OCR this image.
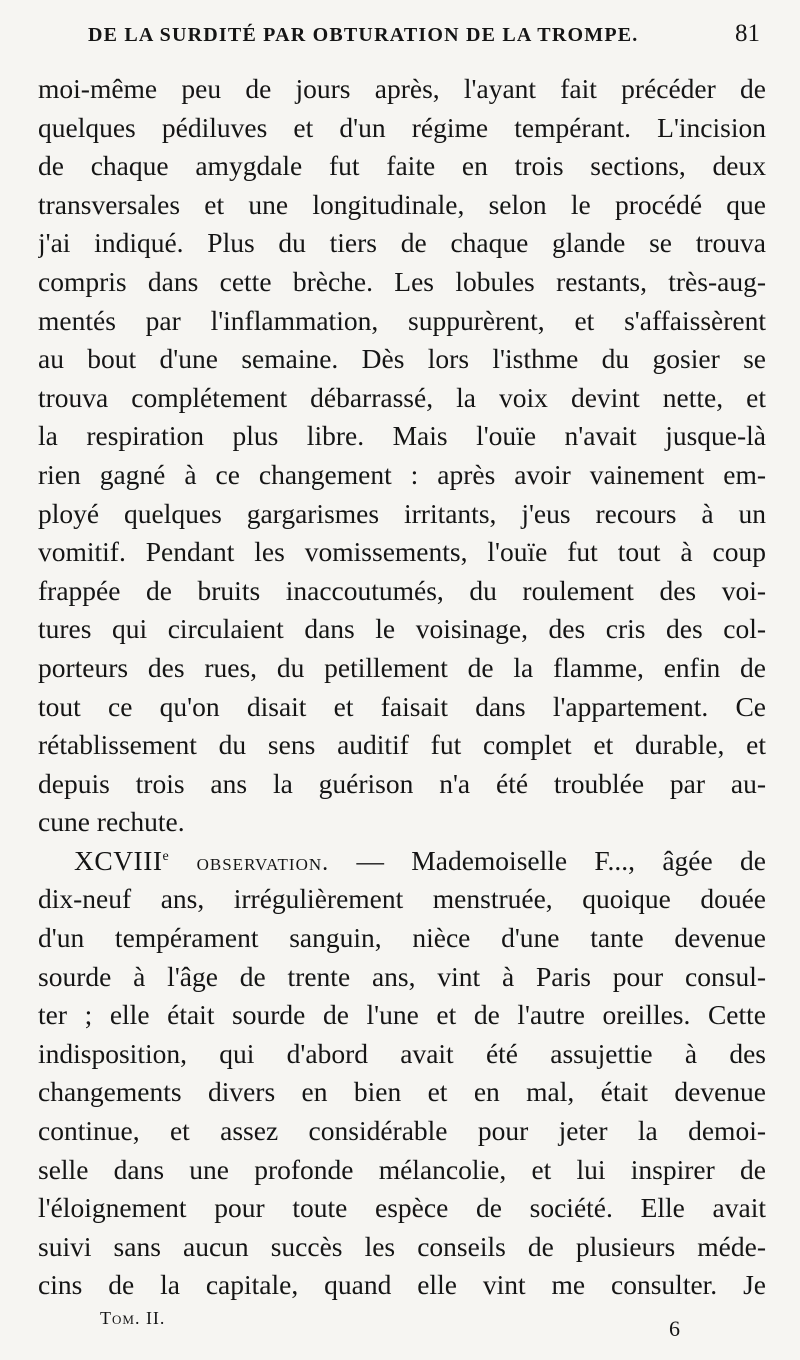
DE LA SURDITÉ PAR OBTURATION DE LA TROMPE.	81
moi-même peu de jours après, l'ayant fait précéder de
quelques pédiluves et d'un régime tempérant. L'incision
de chaque amygdale fut faite en trois sections, deux
transversales et une longitudinale, selon le procédé que
j'ai indiqué. Plus du tiers de chaque glande se trouva
compris dans cette brèche. Les lobules restants, très-aug-
mentés par l'inflammation, suppurèrent, et s'affaissèrent
au bout d'une semaine. Dès lors l'isthme du gosier se
trouva complétement débarrassé, la voix devint nette, et
la respiration plus libre. Mais l'ouïe n'avait jusque-là
rien gagné à ce changement : après avoir vainement em-
ployé quelques gargarismes irritants, j'eus recours à un
vomitif. Pendant les vomissements, l'ouïe fut tout à coup
frappée de bruits inaccoutumés, du roulement des voi-
tures qui circulaient dans le voisinage, des cris des col-
porteurs des rues, du petillement de la flamme, enfin de
tout ce qu'on disait et faisait dans l'appartement. Ce
rétablissement du sens auditif fut complet et durable, et
depuis trois ans la guérison n'a été troublée par au-
cune rechute.
XCVIIIe observation. — Mademoiselle F..., âgée de
dix-neuf ans, irrégulièrement menstruée, quoique douée
d'un tempérament sanguin, nièce d'une tante devenue
sourde à l'âge de trente ans, vint à Paris pour consul-
ter ; elle était sourde de l'une et de l'autre oreilles. Cette
indisposition, qui d'abord avait été assujettie à des
changements divers en bien et en mal, était devenue
continue, et assez considérable pour jeter la demoi-
selle dans une profonde mélancolie, et lui inspirer de
l'éloignement pour toute espèce de société. Elle avait
suivi sans aucun succès les conseils de plusieurs méde-
cins de la capitale, quand elle vint me consulter. Je
Tom. II.	6
